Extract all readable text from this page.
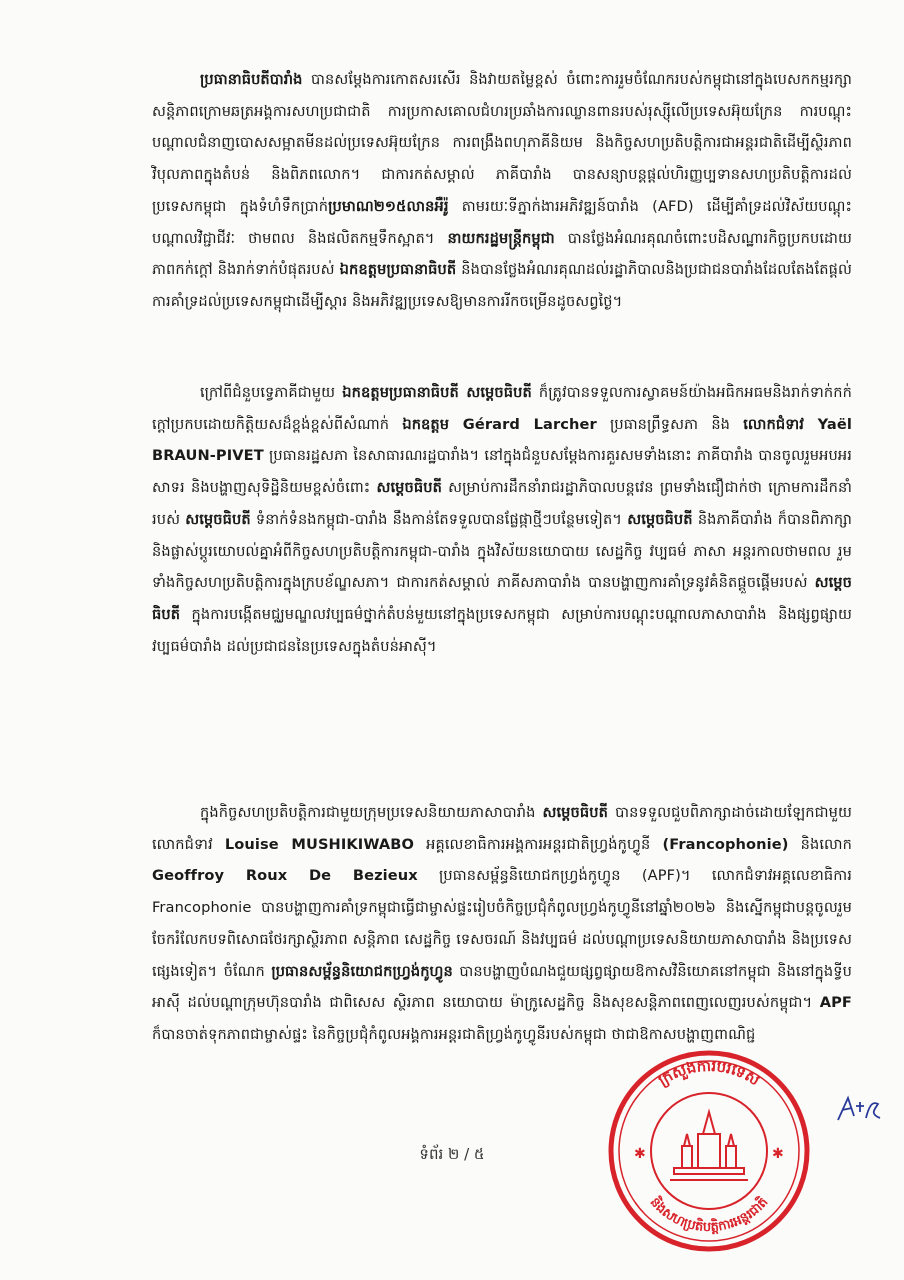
ប្រធានាធិបតីបារាំង បានសម្តែងការកោតសរសើរ និងវាយតម្លៃខ្ពស់ ចំពោះការរួមចំណែករបស់កម្ពុជានៅក្នុងបេសកកម្មរក្សាសន្តិភាពក្រោមឆត្រអង្គការសហប្រជាជាតិ ការប្រកាសគោលជំហរប្រឆាំងការឈ្លានពានរបស់រុស្ស៊ីលើប្រទេសអ៊ុយក្រែន ការបណ្តុះបណ្តាលជំនាញបោសសម្អាតមីនដល់ប្រទេសអ៊ុយក្រែន ការពង្រឹងពហុភាគីនិយម និងកិច្ចសហប្រតិបត្តិការជាអន្តរជាតិដើម្បីស្ថិរភាព វិបុលភាពក្នុងតំបន់ និងពិភពលោក។ ជាការកត់សម្គាល់ ភាគីបារាំង បានសន្យាបន្តផ្តល់ហិរញ្ញប្បទានសហប្រតិបត្តិការដល់ប្រទេសកម្ពុជា ក្នុងទំហំទឹកប្រាក់ប្រមាណ២១៥លានអឺរ៉ូ តាមរយៈទីភ្នាក់ងារអភិវឌ្ឍន៍បារាំង (AFD) ដើម្បីគាំទ្រដល់វិស័យបណ្តុះបណ្តាលវិជ្ជាជីវៈ ថាមពល និងផលិតកម្មទឹកស្អាត។ នាយករដ្ឋមន្ត្រីកម្ពុជា បានថ្លែងអំណរគុណចំពោះបដិសណ្ឋារកិច្ចប្រកបដោយភាពកក់ក្តៅ និងរាក់ទាក់បំផុតរបស់ ឯកឧត្តមប្រធានាធិបតី និងបានថ្លែងអំណរគុណដល់រដ្ឋាភិបាលនិងប្រជាជនបារាំងដែលតែងតែផ្តល់ការគាំទ្រដល់ប្រទេសកម្ពុជាដើម្បីស្តារ និងអភិវឌ្ឍប្រទេសឱ្យមានការរីកចម្រើនដូចសព្វថ្ងៃ។

ក្រៅពីជំនួបទ្វេភាគីជាមួយ ឯកឧត្តមប្រធានាធិបតី សម្តេចធិបតី ក៏ត្រូវបានទទួលការស្វាគមន៍យ៉ាងអធិកអធមនិងរាក់ទាក់កក់ក្តៅប្រកបដោយកិត្តិយសដ៏ខ្ពង់ខ្ពស់ពីសំណាក់ ឯកឧត្តម Gérard Larcher ប្រធានព្រឹទ្ធសភា និង លោកជំទាវ Yaël BRAUN-PIVET ប្រធានរដ្ឋសភា នៃសាធារណរដ្ឋបារាំង។ នៅក្នុងជំនួបសម្តែងការគួរសមទាំងនោះ ភាគីបារាំង បានចូលរួមអបអរសាទរ និងបង្ហាញសុទិដ្ឋិនិយមខ្ពស់ចំពោះ សម្តេចធិបតី សម្រាប់ការដឹកនាំរាជរដ្ឋាភិបាលបន្តវេន ព្រមទាំងជឿជាក់ថា ក្រោមការដឹកនាំរបស់ សម្តេចធិបតី ទំនាក់ទំនងកម្ពុជា-បារាំង នឹងកាន់តែទទួលបានផ្លែផ្កាថ្មីៗបន្ថែមទៀត។ សម្តេចធិបតី និងភាគីបារាំង ក៏បានពិភាក្សា និងផ្លាស់ប្តូរយោបល់គ្នាអំពីកិច្ចសហប្រតិបត្តិការកម្ពុជា-បារាំង ក្នុងវិស័យនយោបាយ សេដ្ឋកិច្ច វប្បធម៌ ភាសា អន្តរកាលថាមពល រួមទាំងកិច្ចសហប្រតិបត្តិការក្នុងក្របខ័ណ្ឌសភា។ ជាការកត់សម្គាល់ ភាគីសភាបារាំង បានបង្ហាញការគាំទ្រនូវគំនិតផ្តួចផ្តើមរបស់ សម្តេចធិបតី ក្នុងការបង្កើតមជ្ឈមណ្ឌលវប្បធម៌ថ្នាក់តំបន់មួយនៅក្នុងប្រទេសកម្ពុជា សម្រាប់ការបណ្តុះបណ្តាលភាសាបារាំង និងផ្សព្វផ្សាយវប្បធម៌បារាំង ដល់ប្រជាជននៃប្រទេសក្នុងតំបន់អាស៊ី។

ក្នុងកិច្ចសហប្រតិបត្តិការជាមួយក្រុមប្រទេសនិយាយភាសាបារាំង សម្តេចធិបតី បានទទួលជួបពិភាក្សាដាច់ដោយឡែកជាមួយ លោកជំទាវ Louise MUSHIKIWABO អគ្គលេខាធិការអង្គការអន្តរជាតិហ្វ្រង់កូហ្វូនី (Francophonie) និងលោក Geoffroy Roux De Bezieux ប្រធានសម្ព័ន្ធនិយោជកហ្វ្រង់កូហ្វូន (APF)។ លោកជំទាវអគ្គលេខាធិការ Francophonie បានបង្ហាញការគាំទ្រកម្ពុជាធ្វើជាម្ចាស់ផ្ទះរៀបចំកិច្ចប្រជុំកំពូលហ្វ្រង់កូហ្វូនីនៅឆ្នាំ២០២៦ និងស្នើកម្ពុជាបន្តចូលរួមចែករំលែកបទពិសោធថែរក្សាស្ថិរភាព សន្តិភាព សេដ្ឋកិច្ច ទេសចរណ៍ និងវប្បធម៌ ដល់បណ្តាប្រទេសនិយាយភាសាបារាំង និងប្រទេសផ្សេងទៀត។ ចំណែក ប្រធានសម្ព័ន្ធនិយោជកហ្វ្រង់កូហ្វូន បានបង្ហាញបំណងជួយផ្សព្វផ្សាយឱកាសវិនិយោគនៅកម្ពុជា និងនៅក្នុងទ្វីបអាស៊ី ដល់បណ្តាក្រុមហ៊ុនបារាំង ជាពិសេស ស្ថិរភាព នយោបាយ ម៉ាក្រូសេដ្ឋកិច្ច និងសុខសន្តិភាពពេញលេញរបស់កម្ពុជា។ APF ក៏បានចាត់ទុកភាពជាម្ចាស់ផ្ទះ នៃកិច្ចប្រជុំកំពូលអង្គការអន្តរជាតិហ្វ្រង់កូហ្វូនីរបស់កម្ពុជា ថាជាឱកាសបង្ហាញពាណិជ្ជ

ក្រសួងការបរទេស
និងសហប្រតិបត្តិការអន្តរជាតិ
✱	✱
ទំព័រ ២ / ៥
